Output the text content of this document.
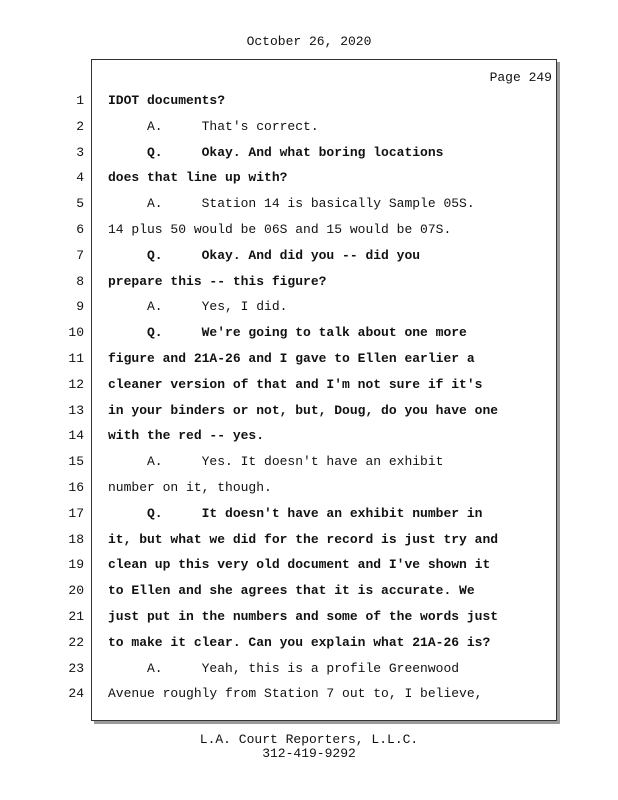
October 26, 2020
Page 249
1 IDOT documents?
2 A.     That's correct.
3 Q.     Okay. And what boring locations
4 does that line up with?
5 A.     Station 14 is basically Sample 05S.
6 14 plus 50 would be 06S and 15 would be 07S.
7 Q.     Okay. And did you -- did you
8 prepare this -- this figure?
9 A.     Yes, I did.
10 Q.     We're going to talk about one more
11 figure and 21A-26 and I gave to Ellen earlier a
12 cleaner version of that and I'm not sure if it's
13 in your binders or not, but, Doug, do you have one
14 with the red -- yes.
15 A.     Yes. It doesn't have an exhibit
16 number on it, though.
17 Q.     It doesn't have an exhibit number in
18 it, but what we did for the record is just try and
19 clean up this very old document and I've shown it
20 to Ellen and she agrees that it is accurate. We
21 just put in the numbers and some of the words just
22 to make it clear. Can you explain what 21A-26 is?
23 A.     Yeah, this is a profile Greenwood
24 Avenue roughly from Station 7 out to, I believe,
L.A. Court Reporters, L.L.C.
312-419-9292
